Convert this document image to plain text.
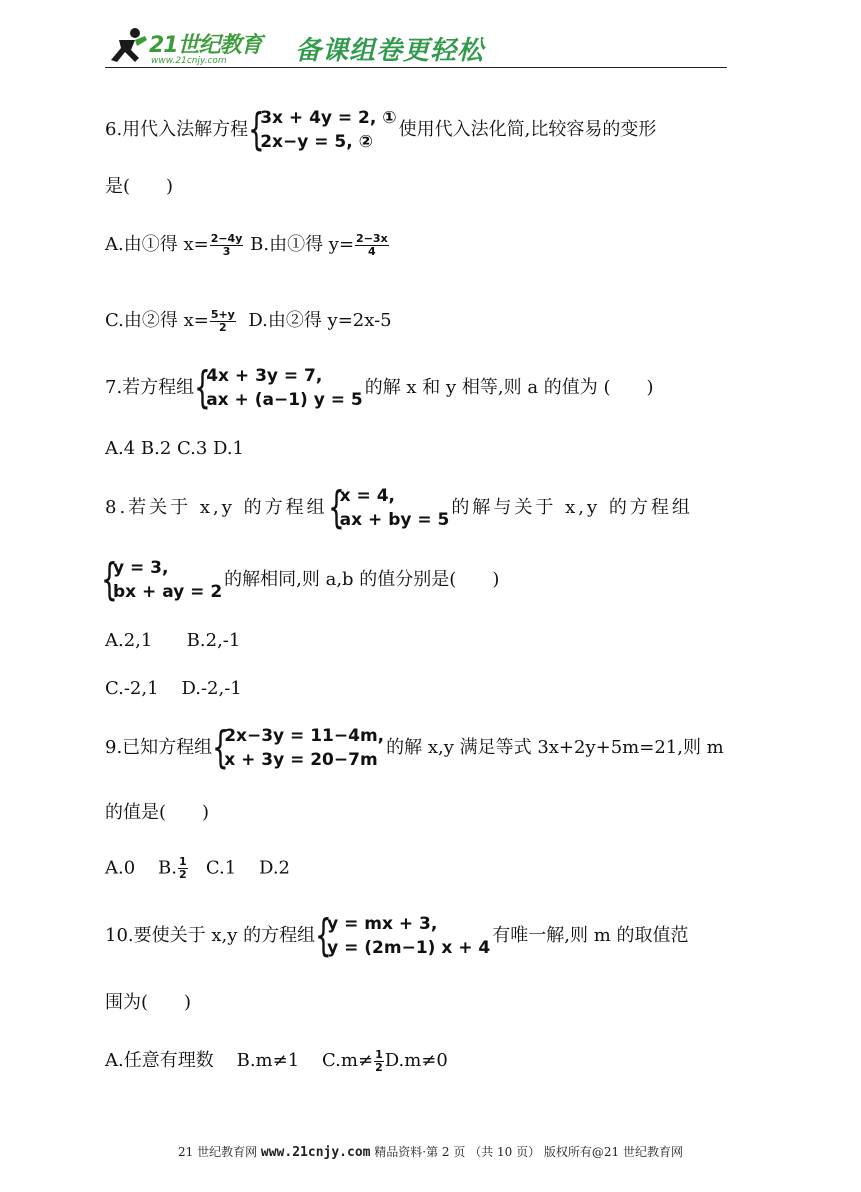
21世纪教育
www.21cnjy.com	备课组卷更轻松
6.用代入法解方程 {
3x + 4y = 2, ①
2x−y = 5, ②
使用代入法化简,比较容易的变形
是(　　)
A.由①得 $x= \frac{2-4y}{3} B$.由①得 $y= \frac{2-3x}{4}$
C.由②得 $x= \frac{5+y}{2} D$.由②得 y=2x-5
7.若方程组 {
4x + 3y = 7,
ax + (a−1) y = 5
的解 x 和 y 相等,则 a 的值为 (　　)
A.4 B.2 C.3 D.1
8.若关于 x,y 的方程组 {
x = 4,
ax + by = 5
的解与关于 x,y 的方程组
{
y = 3,
bx + ay = 2
的解相同,则 a,b 的值分别是(　　)
A.2,1      B.2,-1
C.-2,1    D.-2,-1
9.已知方程组 {
2x−3y = 11−4m,
x + 3y = 20−7m
的解 x,y 满足等式 3x+2y+5m=21,则 m
的值是(　　)
A.0    B. $\frac{1}{2} C.1$    D.2
10.要使关于 x,y 的方程组 {
y = mx + 3,
y = (2m−1) x + 4
有唯一解,则 m 的取值范
围为(　　)
A.任意有理数    B.m≠1    $C.m\ne \frac{1}{2} D.m\ne 0$
21 世纪教育网 www.21cnjy.com 精品资料·第 2 页 （共 10 页） 版权所有@21 世纪教育网
